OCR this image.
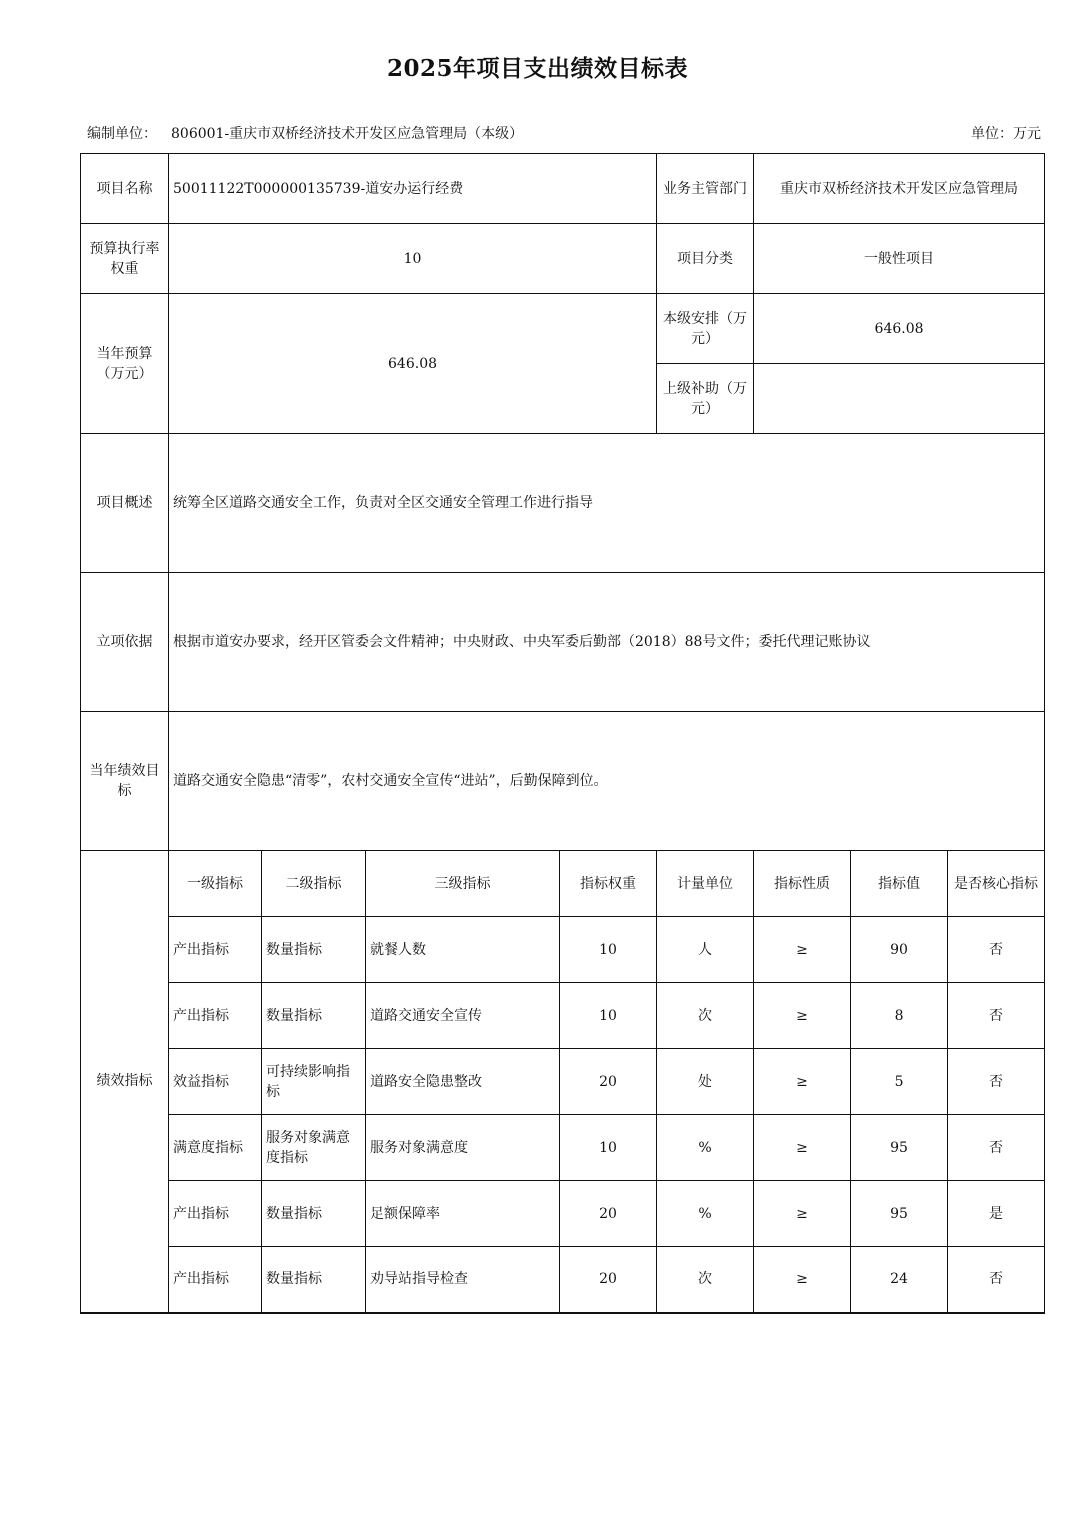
2025年项目支出绩效目标表
编制单位： 806001-重庆市双桥经济技术开发区应急管理局（本级）	单位：万元
项目名称	50011122T000000135739-道安办运行经费				业务主管部门	重庆市双桥经济技术开发区应急管理局		
预算执行率权重	10				项目分类	一般性项目		
当年预算（万元）	646.08				本级安排（万元）	646.08		
					上级补助（万元）			
项目概述	统筹全区道路交通安全工作，负责对全区交通安全管理工作进行指导							
立项依据	根据市道安办要求，经开区管委会文件精神；中央财政、中央军委后勤部（2018）88号文件；委托代理记账协议							
当年绩效目标	道路交通安全隐患“清零”，农村交通安全宣传“进站”，后勤保障到位。							
绩效指标	一级指标	二级指标	三级指标	指标权重	计量单位	指标性质	指标值	是否核心指标
	产出指标	数量指标	就餐人数	10	人	≥	90	否
	产出指标	数量指标	道路交通安全宣传	10	次	≥	8	否
	效益指标	可持续影响指标	道路安全隐患整改	20	处	≥	5	否
	满意度指标	服务对象满意度指标	服务对象满意度	10	%	≥	95	否
	产出指标	数量指标	足额保障率	20	%	≥	95	是
	产出指标	数量指标	劝导站指导检查	20	次	≥	24	否
